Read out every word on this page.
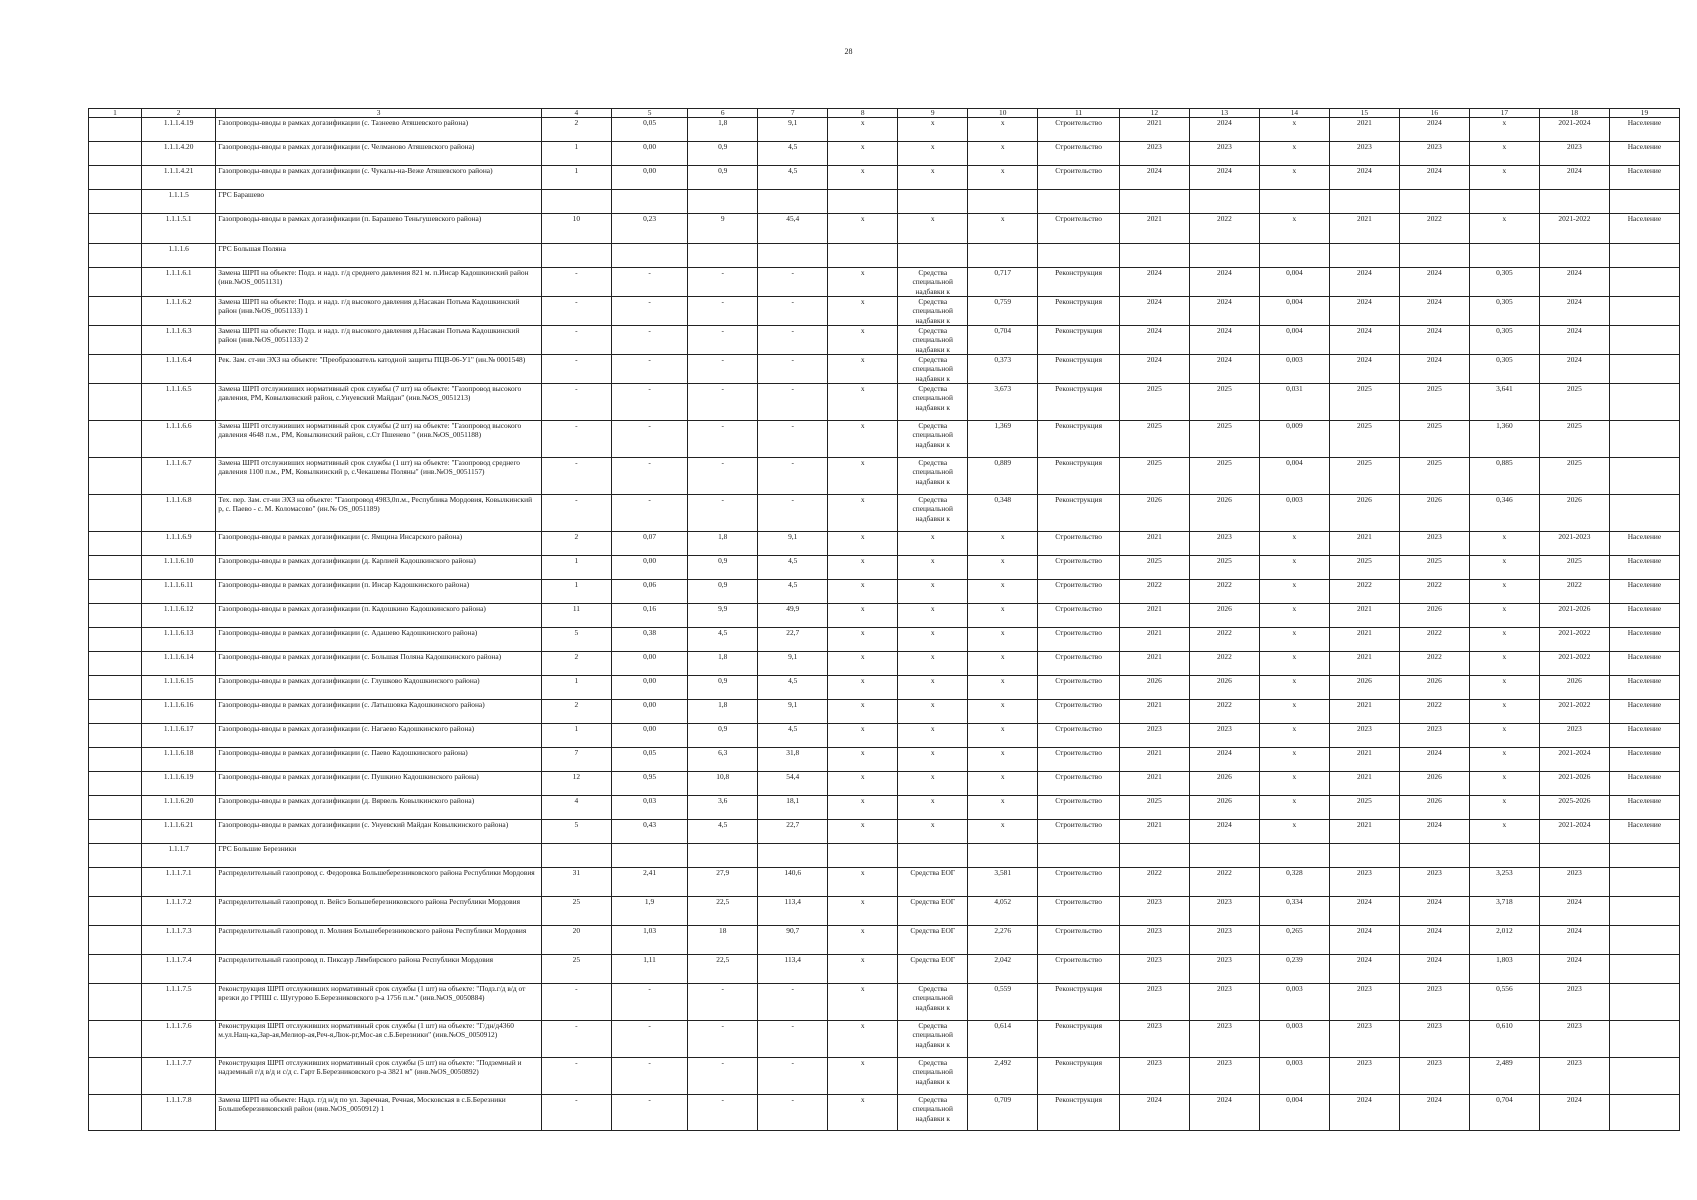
28
1	2	3	4	5	6	7	8	9	10	11	12	13	14	15	16	17	18	19

	1.1.1.4.19	Газопроводы-вводы в рамках догазификации (с. Тазнеево Атяшевского района)	2	0,05	1,8	9,1	x	x	x	Строительство	2021	2024	x	2021	2024	x	2021-2024	Население

	1.1.1.4.20	Газопроводы-вводы в рамках догазификации (с. Челманово Атяшевского района)	1	0,00	0,9	4,5	x	x	x	Строительство	2023	2023	x	2023	2023	x	2023	Население

	1.1.1.4.21	Газопроводы-вводы в рамках догазификации (с. Чукалы-на-Веже Атяшевского района)	1	0,00	0,9	4,5	x	x	x	Строительство	2024	2024	x	2024	2024	x	2024	Население

	1.1.1.5	ГРС Барашево																

	1.1.1.5.1	Газопроводы-вводы в рамках догазификации (п. Барашево Теньгушевского района)	10	0,23	9	45,4	x	x	x	Строительство	2021	2022	x	2021	2022	x	2021-2022	Население

	1.1.1.6	ГРС Большая Поляна																

	1.1.1.6.1	Замена ШРП на объекте: Подз. и надз. г/д среднего давления 821 м. п.Инсар Кадошкинский район (инв.№OS_0051131)	-	-	-	-	x	Средства специальной надбавки к	0,717	Реконструкция	2024	2024	0,004	2024	2024	0,305	2024	

	1.1.1.6.2	Замена ШРП на объекте: Подз. и надз. г/д высокого давления д.Насакан Потьма Кадошкинский район (инв.№OS_0051133) 1	-	-	-	-	x	Средства специальной надбавки к	0,759	Реконструкция	2024	2024	0,004	2024	2024	0,305	2024	

	1.1.1.6.3	Замена ШРП на объекте: Подз. и надз. г/д высокого давления д.Насакан Потьма Кадошкинский район (инв.№OS_0051133) 2	-	-	-	-	x	Средства специальной надбавки к	0,704	Реконструкция	2024	2024	0,004	2024	2024	0,305	2024	

	1.1.1.6.4	Рек. Зам. ст-ии ЭХЗ на объекте: "Преобразователь катодной защиты ПЦВ-06-У1" (ин.№ 0001548)	-	-	-	-	x	Средства специальной надбавки к	0,373	Реконструкция	2024	2024	0,003	2024	2024	0,305	2024	

	1.1.1.6.5	Замена ШРП отслуживших нормативный срок службы (7 шт) на объекте: "Газопровод высокого давления, РМ, Ковылкинский район, с.Унуевский Майдан" (инв.№OS_0051213)	-	-	-	-	x	Средства специальной надбавки к	3,673	Реконструкция	2025	2025	0,031	2025	2025	3,641	2025	

	1.1.1.6.6	Замена ШРП отслуживших нормативный срок службы (2 шт) на объекте: "Газопровод высокого давления 4648 п.м., РМ, Ковылкинский район, с.Ст Пшенево " (инв.№OS_0051188)	-	-	-	-	x	Средства специальной надбавки к	1,369	Реконструкция	2025	2025	0,009	2025	2025	1,360	2025	

	1.1.1.6.7	Замена ШРП отслуживших нормативный срок службы (1 шт) на объекте: "Газопровод среднего давления 1100 п.м., РМ, Ковылкинский р, с.Чекашевы Поляны" (инв.№OS_0051157)	-	-	-	-	x	Средства специальной надбавки к	0,889	Реконструкция	2025	2025	0,004	2025	2025	0,885	2025	

	1.1.1.6.8	Тех. пер. Зам. ст-ии ЭХЗ на объекте: "Газопровод 4983,0п.м., Республика Мордовия, Ковылкинский р, с. Паево - с. М. Коломасово" (ин.№ OS_0051189)	-	-	-	-	x	Средства специальной надбавки к	0,348	Реконструкция	2026	2026	0,003	2026	2026	0,346	2026	

	1.1.1.6.9	Газопроводы-вводы в рамках догазификации (с. Ямщина Инсарского района)	2	0,07	1,8	9,1	x	x	x	Строительство	2021	2023	x	2021	2023	x	2021-2023	Население

	1.1.1.6.10	Газопроводы-вводы в рамках догазификации (д. Карлией Кадошкинского района)	1	0,00	0,9	4,5	x	x	x	Строительство	2025	2025	x	2025	2025	x	2025	Население

	1.1.1.6.11	Газопроводы-вводы в рамках догазификации (п. Инсар Кадошкинского района)	1	0,06	0,9	4,5	x	x	x	Строительство	2022	2022	x	2022	2022	x	2022	Население

	1.1.1.6.12	Газопроводы-вводы в рамках догазификации (п. Кадошкино Кадошкинского района)	11	0,16	9,9	49,9	x	x	x	Строительство	2021	2026	x	2021	2026	x	2021-2026	Население

	1.1.1.6.13	Газопроводы-вводы в рамках догазификации (с. Адашево Кадошкинского района)	5	0,38	4,5	22,7	x	x	x	Строительство	2021	2022	x	2021	2022	x	2021-2022	Население

	1.1.1.6.14	Газопроводы-вводы в рамках догазификации (с. Большая Поляна Кадошкинского района)	2	0,00	1,8	9,1	x	x	x	Строительство	2021	2022	x	2021	2022	x	2021-2022	Население

	1.1.1.6.15	Газопроводы-вводы в рамках догазификации (с. Глушково Кадошкинского района)	1	0,00	0,9	4,5	x	x	x	Строительство	2026	2026	x	2026	2026	x	2026	Население

	1.1.1.6.16	Газопроводы-вводы в рамках догазификации (с. Латышовка Кадошкинского района)	2	0,00	1,8	9,1	x	x	x	Строительство	2021	2022	x	2021	2022	x	2021-2022	Население

	1.1.1.6.17	Газопроводы-вводы в рамках догазификации (с. Нагаево Кадошкинского района)	1	0,00	0,9	4,5	x	x	x	Строительство	2023	2023	x	2023	2023	x	2023	Население

	1.1.1.6.18	Газопроводы-вводы в рамках догазификации (с. Паево Кадошкинского района)	7	0,05	6,3	31,8	x	x	x	Строительство	2021	2024	x	2021	2024	x	2021-2024	Население

	1.1.1.6.19	Газопроводы-вводы в рамках догазификации (с. Пушкино Кадошкинского района)	12	0,95	10,8	54,4	x	x	x	Строительство	2021	2026	x	2021	2026	x	2021-2026	Население

	1.1.1.6.20	Газопроводы-вводы в рамках догазификации (д. Вярвель Ковылкинского района)	4	0,03	3,6	18,1	x	x	x	Строительство	2025	2026	x	2025	2026	x	2025-2026	Население

	1.1.1.6.21	Газопроводы-вводы в рамках догазификации (с. Унуевский Майдан Ковылкинского района)	5	0,43	4,5	22,7	x	x	x	Строительство	2021	2024	x	2021	2024	x	2021-2024	Население

	1.1.1.7	ГРС Большие Березники																

	1.1.1.7.1	Распределительный газопровод с. Федоровка Большеберезниковского района Республики Мордовия	31	2,41	27,9	140,6	x	Средства ЕОГ	3,581	Строительство	2022	2022	0,328	2023	2023	3,253	2023	

	1.1.1.7.2	Распределительный газопровод п. Вейсэ Большеберезниковского района Республики Мордовия	25	1,9	22,5	113,4	x	Средства ЕОГ	4,052	Строительство	2023	2023	0,334	2024	2024	3,718	2024	

	1.1.1.7.3	Распределительный газопровод п. Молния Большеберезниковского района Республики Мордовия	20	1,03	18	90,7	x	Средства ЕОГ	2,276	Строительство	2023	2023	0,265	2024	2024	2,012	2024	

	1.1.1.7.4	Распределительный газопровод п. Пиксаур Лямбирского района Республики Мордовия	25	1,11	22,5	113,4	x	Средства ЕОГ	2,042	Строительство	2023	2023	0,239	2024	2024	1,803	2024	

	1.1.1.7.5	Реконструкция ШРП отслуживших нормативный срок службы (1 шт) на объекте: "Подз.г/д в/д от врезки до ГРПШ с. Шугурово Б.Березниковского р-а 1756 п.м." (инв.№OS_0050884)	-	-	-	-	x	Средства специальной надбавки к	0,559	Реконструкция	2023	2023	0,003	2023	2023	0,556	2023	

	1.1.1.7.6	Реконструкция ШРП отслуживших нормативный срок службы (1 шт) на объекте: "Г/дн/д4360 м.ул.Нащ-ка,Зар-ая,Мелиор-ая,Реч-я,Люк-рг,Мос-ая с.Б.Березники" (инв.№OS_0050912)	-	-	-	-	x	Средства специальной надбавки к	0,614	Реконструкция	2023	2023	0,003	2023	2023	0,610	2023	

	1.1.1.7.7	Реконструкция ШРП отслуживших нормативный срок службы (5 шт) на объекте: "Подземный и надземный г/д в/д и с/д с. Гарт Б.Березниковского р-а 3821 м" (инв.№OS_0050892)	-	-	-	-	x	Средства специальной надбавки к	2,492	Реконструкция	2023	2023	0,003	2023	2023	2,489	2023	

	1.1.1.7.8	Замена ШРП на объекте: Надз. г/д н/д по ул. Заречная, Речная, Московская в с.Б.Березники Большеберезниковский район (инв.№OS_0050912) 1	-	-	-	-	x	Средства специальной надбавки к	0,709	Реконструкция	2024	2024	0,004	2024	2024	0,704	2024	
